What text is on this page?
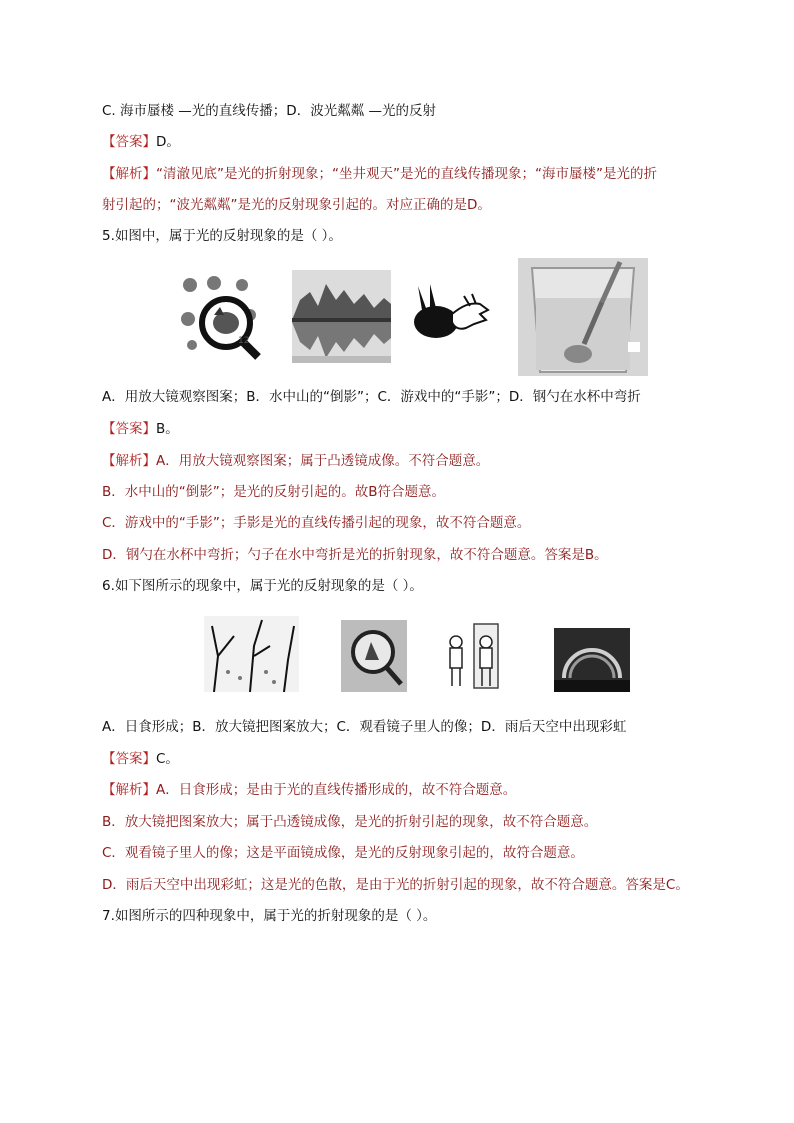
C. 海市蜃楼 —光的直线传播；D．波光粼粼 —光的反射
【答案】D。
【解析】“清澈见底”是光的折射现象；“坐井观天”是光的直线传播现象；“海市蜃楼”是光的折
射引起的；“波光粼粼”是光的反射现象引起的。对应正确的是D。
5.如图中，属于光的反射现象的是（ ）。
12
A．用放大镜观察图案；B．水中山的“倒影”；C．游戏中的“手影”；D．钢勺在水杯中弯折
【答案】B。
【解析】A．用放大镜观察图案；属于凸透镜成像。不符合题意。
B．水中山的“倒影”；是光的反射引起的。故B符合题意。
C．游戏中的“手影”；手影是光的直线传播引起的现象，故不符合题意。
D．钢勺在水杯中弯折；勺子在水中弯折是光的折射现象，故不符合题意。答案是B。
6.如下图所示的现象中，属于光的反射现象的是（ ）。
A．日食形成；B．放大镜把图案放大；C．观看镜子里人的像；D．雨后天空中出现彩虹
【答案】C。
【解析】A．日食形成；是由于光的直线传播形成的，故不符合题意。
B．放大镜把图案放大；属于凸透镜成像，是光的折射引起的现象，故不符合题意。
C．观看镜子里人的像；这是平面镜成像，是光的反射现象引起的，故符合题意。
D．雨后天空中出现彩虹；这是光的色散，是由于光的折射引起的现象，故不符合题意。答案是C。
7.如图所示的四种现象中，属于光的折射现象的是（ ）。
